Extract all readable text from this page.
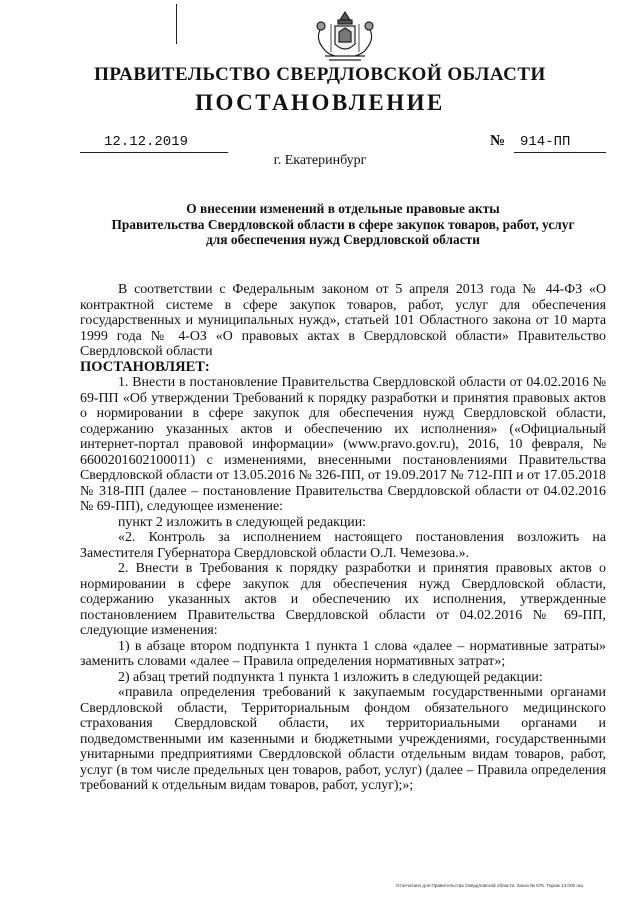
ПРАВИТЕЛЬСТВО СВЕРДЛОВСКОЙ ОБЛАСТИ
ПОСТАНОВЛЕНИЕ
12.12.2019	№ 914-ПП
г. Екатеринбург
О внесении изменений в отдельные правовые акты
Правительства Свердловской области в сфере закупок товаров, работ, услуг
для обеспечения нужд Свердловской области

В соответствии с Федеральным законом от 5 апреля 2013 года № 44-ФЗ «О контрактной системе в сфере закупок товаров, работ, услуг для обеспечения государственных и муниципальных нужд», статьей 101 Областного закона от 10 марта 1999 года № 4-ОЗ «О правовых актах в Свердловской области» Правительство Свердловской области

ПОСТАНОВЛЯЕТ:

1. Внести в постановление Правительства Свердловской области от 04.02.2016 № 69-ПП «Об утверждении Требований к порядку разработки и принятия правовых актов о нормировании в сфере закупок для обеспечения нужд Свердловской области, содержанию указанных актов и обеспечению их исполнения» («Официальный интернет-портал правовой информации» (www.pravo.gov.ru), 2016, 10 февраля, № 6600201602100011) с изменениями, внесенными постановлениями Правительства Свердловской области от 13.05.2016 № 326-ПП, от 19.09.2017 № 712-ПП и от 17.05.2018 № 318-ПП (далее – постановление Правительства Свердловской области от 04.02.2016 № 69-ПП), следующее изменение:

пункт 2 изложить в следующей редакции:

«2. Контроль за исполнением настоящего постановления возложить на Заместителя Губернатора Свердловской области О.Л. Чемезова.».

2. Внести в Требования к порядку разработки и принятия правовых актов о нормировании в сфере закупок для обеспечения нужд Свердловской области, содержанию указанных актов и обеспечению их исполнения, утвержденные постановлением Правительства Свердловской области от 04.02.2016 № 69-ПП, следующие изменения:

1) в абзаце втором подпункта 1 пункта 1 слова «далее – нормативные затраты» заменить словами «далее – Правила определения нормативных затрат»;

2) абзац третий подпункта 1 пункта 1 изложить в следующей редакции:

«правила определения требований к закупаемым государственными органами Свердловской области, Территориальным фондом обязательного медицинского страхования Свердловской области, их территориальными органами и подведомственными им казенными и бюджетными учреждениями, государственными унитарными предприятиями Свердловской области отдельным видам товаров, работ, услуг (в том числе предельных цен товаров, работ, услуг) (далее – Правила определения требований к отдельным видам товаров, работ, услуг);»;

Отпечатано для Правительства Свердловской области. Заказ № 575. Тираж 14 000 экз.
